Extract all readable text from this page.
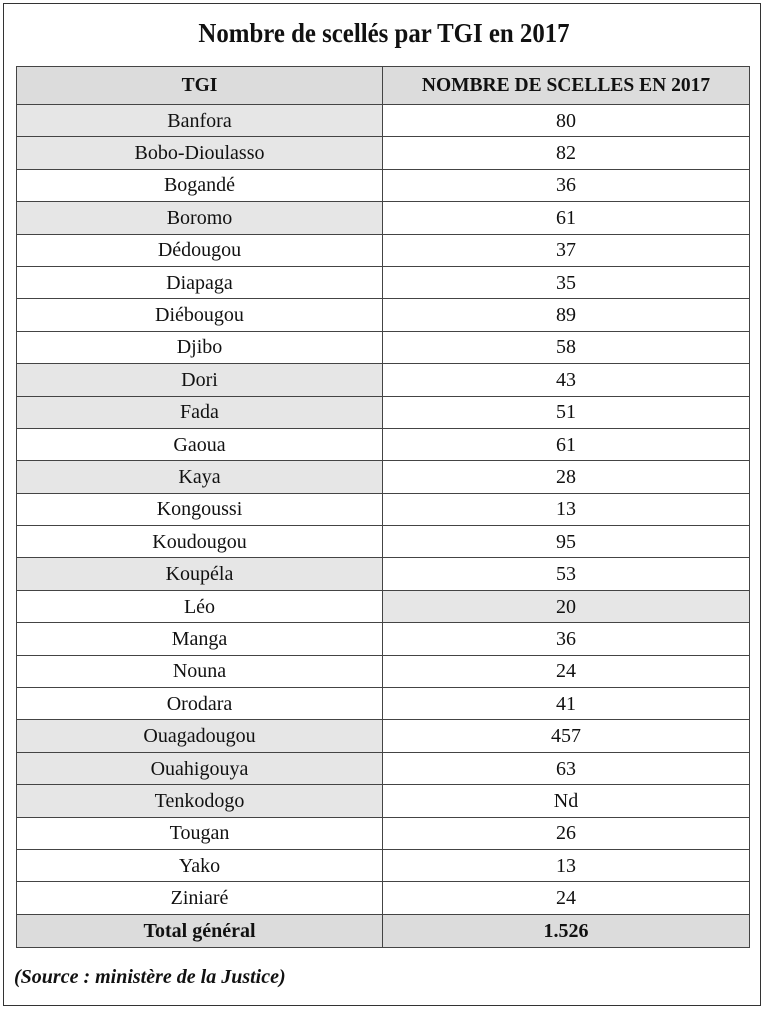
Nombre de scellés par TGI en 2017
TGI	NOMBRE DE SCELLES EN 2017
Banfora	80
Bobo-Dioulasso	82
Bogandé	36
Boromo	61
Dédougou	37
Diapaga	35
Diébougou	89
Djibo	58
Dori	43
Fada	51
Gaoua	61
Kaya	28
Kongoussi	13
Koudougou	95
Koupéla	53
Léo	20
Manga	36
Nouna	24
Orodara	41
Ouagadougou	457
Ouahigouya	63
Tenkodogo	Nd
Tougan	26
Yako	13
Ziniaré	24
Total général	1.526
(Source : ministère de la Justice)
